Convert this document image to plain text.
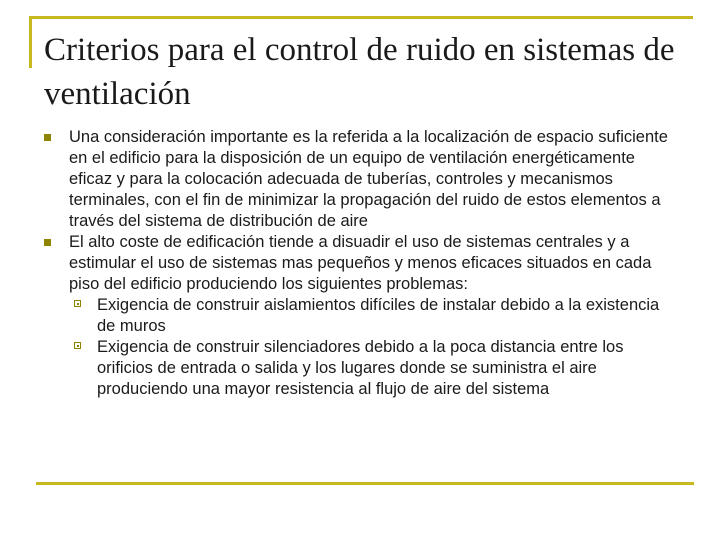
Criterios para el control de ruido en sistemas de ventilación
Una consideración importante es la referida a la localización de espacio suficiente en el edificio para la disposición de un equipo de ventilación energéticamente eficaz y para la colocación adecuada de tuberías, controles y mecanismos terminales, con el fin de minimizar la propagación del ruido de estos elementos a través del sistema de distribución de aire
El alto coste de edificación tiende a disuadir el uso de sistemas centrales y a estimular el uso de sistemas mas pequeños y menos eficaces situados en cada piso del edificio produciendo los siguientes problemas:
Exigencia de construir aislamientos difíciles de instalar debido a la existencia de muros
Exigencia de construir silenciadores debido a la poca distancia entre los orificios de entrada o salida y los lugares donde se suministra el aire produciendo una mayor resistencia al flujo de aire del sistema
